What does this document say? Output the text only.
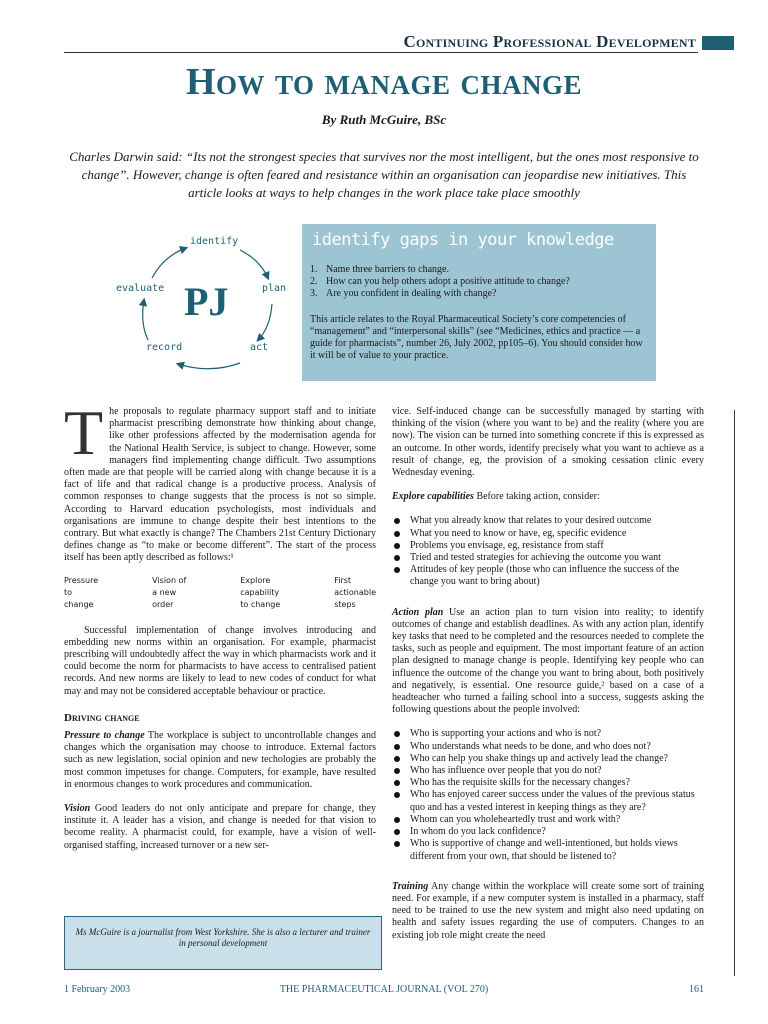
Continuing Professional Development
How to manage change
By Ruth McGuire, BSc
Charles Darwin said: “Its not the strongest species that survives nor the most intelligent, but the ones most responsive to change”. However, change is often feared and resistance within an organisation can jeopardise new initiatives. This article looks at ways to help changes in the work place take place smoothly
PJ
identify
plan
act
record
evaluate
identify gaps in your knowledge
1. Name three barriers to change.
2. How can you help others adopt a positive attitude to change?
3. Are you confident in dealing with change?

This article relates to the Royal Pharmaceutical Society’s core competencies of “management” and “interpersonal skills” (see “Medicines, ethics and practice — a guide for pharmacists”, number 26, July 2002, pp105–6). You should consider how it will be of value to your practice.

The proposals to regulate pharmacy support staff and to initiate pharmacist prescribing demonstrate how thinking about change, like other professions affected by the modernisation agenda for the National Health Service, is subject to change. However, some managers find implementing change difficult. Two assumptions often made are that people will be carried along with change because it is a fact of life and that radical change is a productive process. Analysis of common responses to change suggests that the process is not so simple. According to Harvard education psychologists, most individuals and organisations are immune to change despite their best intentions to the contrary. But what exactly is change? The Chambers 21st Century Dictionary defines change as “to make or become different”. The start of the process itself has been aptly described as follows:¹

Pressure
to
change
Vision of
a new
order
Explore
capability
to change
First
actionable
steps

Successful implementation of change involves introducing and embedding new norms within an organisation. For example, pharmacist prescribing will undoubtedly affect the way in which pharmacists work and it could become the norm for pharmacists to have access to centralised patient records. And new norms are likely to lead to new codes of conduct for what may and may not be considered acceptable behaviour or practice.

Driving change

Pressure to change The workplace is subject to uncontrollable changes and changes which the organisation may choose to introduce. External factors such as new legislation, social opinion and new techologies are probably the most common impetuses for change. Computers, for example, have resulted in enormous changes to work procedures and communication.

Vision Good leaders do not only anticipate and prepare for change, they institute it. A leader has a vision, and change is needed for that vision to become reality. A pharmacist could, for example, have a vision of well-organised staffing, increased turnover or a new ser-

vice. Self-induced change can be successfully managed by starting with thinking of the vision (where you want to be) and the reality (where you are now). The vision can be turned into something concrete if this is expressed as an outcome. In other words, identify precisely what you want to achieve as a result of change, eg, the provision of a smoking cessation clinic every Wednesday evening.

Explore capabilities Before taking action, consider:

What you already know that relates to your desired outcome
What you need to know or have, eg, specific evidence
Problems you envisage, eg, resistance from staff
Tried and tested strategies for achieving the outcome you want
Attitudes of key people (those who can influence the success of the change you want to bring about)

Action plan Use an action plan to turn vision into reality; to identify outcomes of change and establish deadlines. As with any action plan, identify key tasks that need to be completed and the resources needed to complete the tasks, such as people and equipment. The most important feature of an action plan designed to manage change is people. Identifying key people who can influence the outcome of the change you want to bring about, both positively and negatively, is essential. One resource guide,² based on a case of a headteacher who turned a failing school into a success, suggests asking the following questions about the people involved:

Who is supporting your actions and who is not?
Who understands what needs to be done, and who does not?
Who can help you shake things up and actively lead the change?
Who has influence over people that you do not?
Who has the requisite skills for the necessary changes?
Who has enjoyed career success under the values of the previous status quo and has a vested interest in keeping things as they are?
Whom can you wholeheartedly trust and work with?
In whom do you lack confidence?
Who is supportive of change and well-intentioned, but holds views different from your own, that should be listened to?

Training Any change within the workplace will create some sort of training need. For example, if a new computer system is installed in a pharmacy, staff need to be trained to use the new system and might also need updating on health and safety issues regarding the use of computers. Changes to an existing job role might create the need

Ms McGuire is a journalist from West Yorkshire. She is also a lecturer and trainer in personal development
1 February 2003	THE PHARMACEUTICAL JOURNAL (VOL 270)	161
